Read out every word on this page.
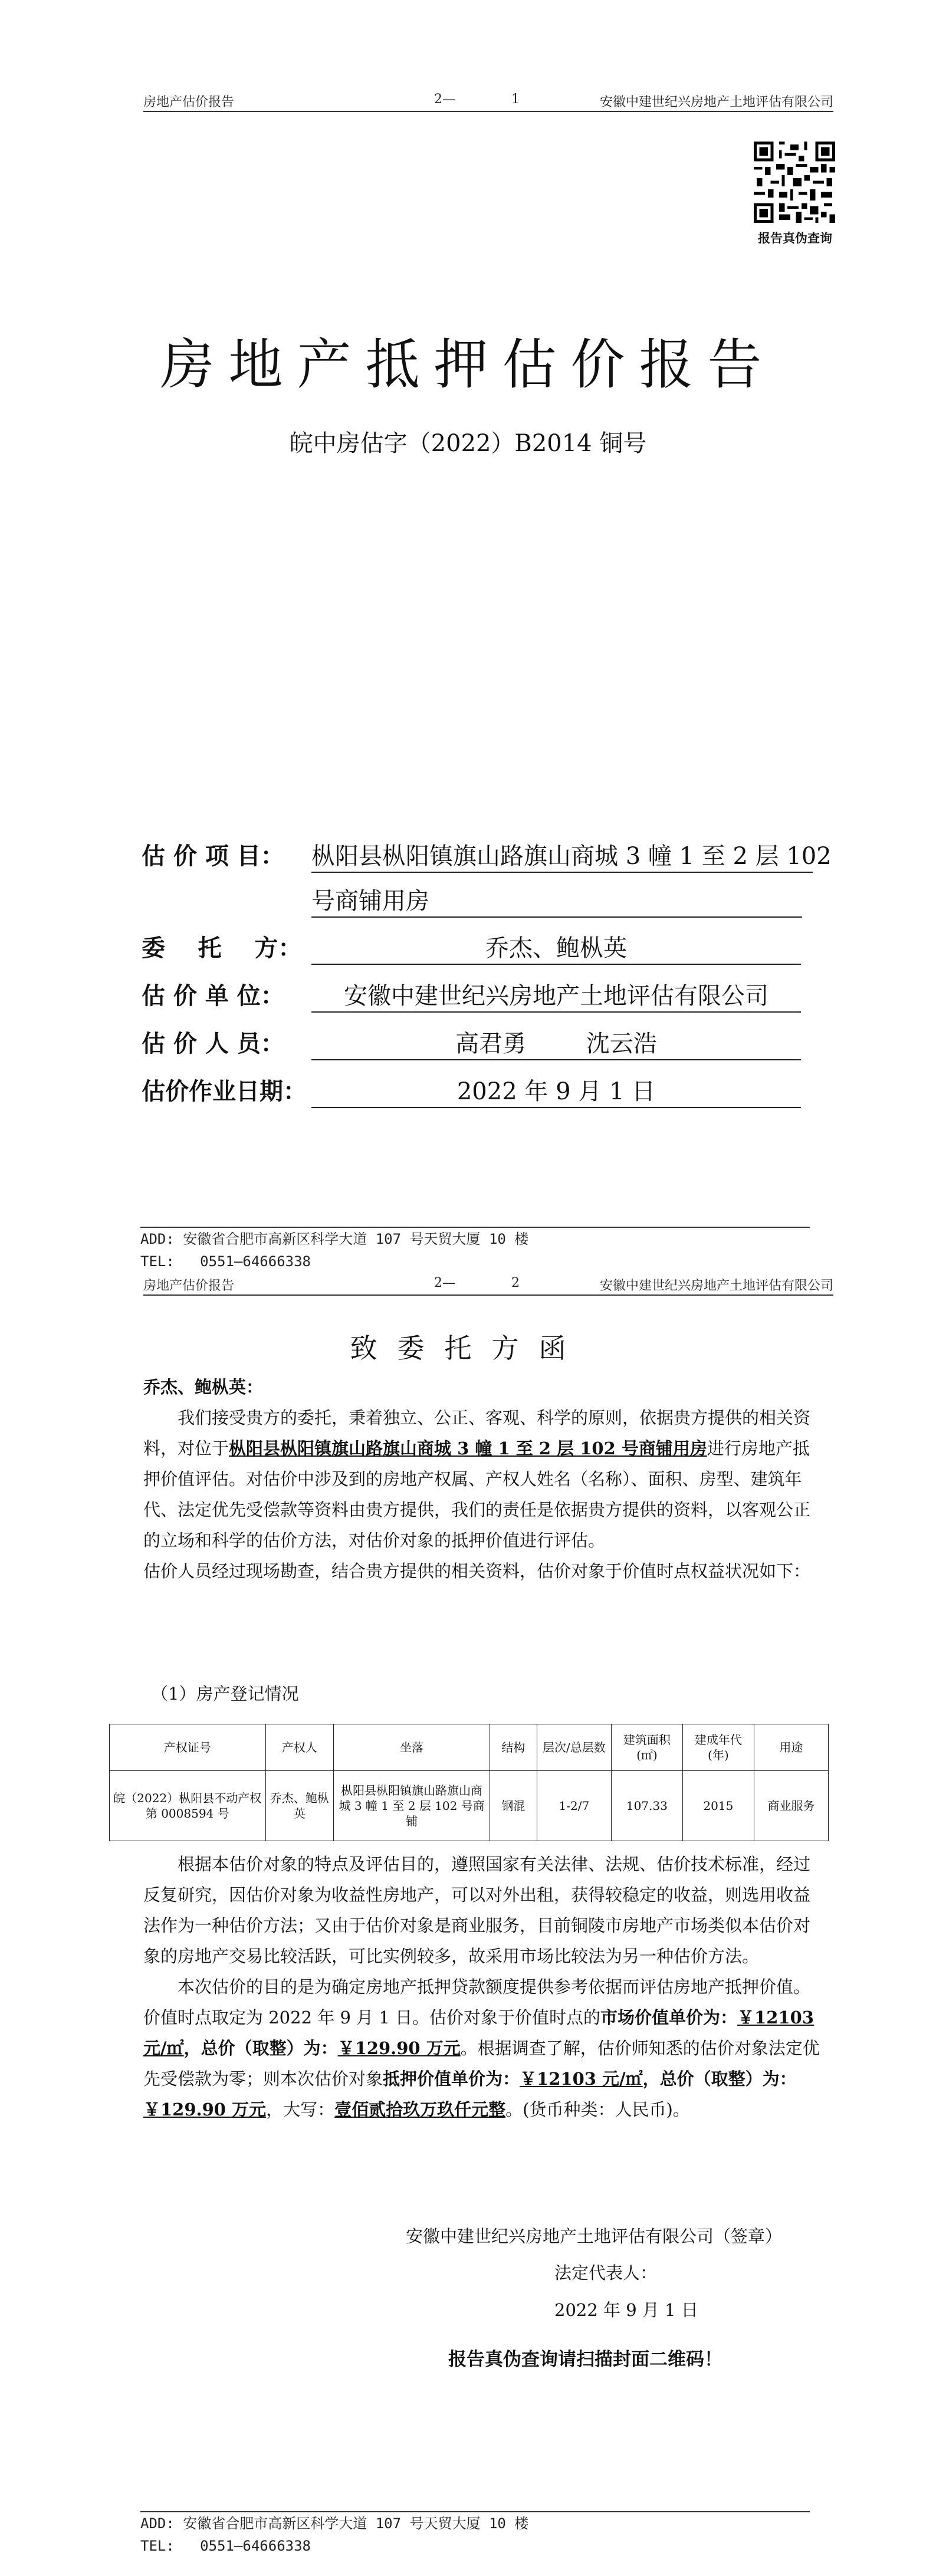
房地产估价报告	2—	1	安徽中建世纪兴房地产土地评估有限公司
报告真伪查询
房地产抵押估价报告
皖中房估字（2022）B2014 铜号
估 价 项 目： 枞阳县枞阳镇旗山路旗山商城 3 幢 1 至 2 层 102
号商铺用房
委    托    方：	乔杰、鲍枞英
估 价 单 位：	安徽中建世纪兴房地产土地评估有限公司
估 价 人 员：	高君勇        沈云浩
估价作业日期：	2022 年 9 月 1 日
ADD: 安徽省合肥市高新区科学大道 107 号天贸大厦 10 楼
TEL:   0551—64666338
房地产估价报告	2—	2	安徽中建世纪兴房地产土地评估有限公司
致委托方函
乔杰、鲍枞英：

我们接受贵方的委托，秉着独立、公正、客观、科学的原则，依据贵方提供的相关资料，对位于枞阳县枞阳镇旗山路旗山商城 3 幢 1 至 2 层 102 号商铺用房进行房地产抵押价值评估。对估价中涉及到的房地产权属、产权人姓名（名称）、面积、房型、建筑年代、法定优先受偿款等资料由贵方提供，我们的责任是依据贵方提供的资料，以客观公正的立场和科学的估价方法，对估价对象的抵押价值进行评估。

估价人员经过现场勘查，结合贵方提供的相关资料，估价对象于价值时点权益状况如下：

（1）房产登记情况
产权证号	产权人	坐落	结构	层次/总层数	建筑面积(㎡)	建成年代(年)	用途
皖（2022）枞阳县不动产权第 0008594 号	乔杰、鲍枞英	枞阳县枞阳镇旗山路旗山商城 3 幢 1 至 2 层 102 号商铺	钢混	1-2/7	107.33	2015	商业服务

根据本估价对象的特点及评估目的，遵照国家有关法律、法规、估价技术标准，经过反复研究，因估价对象为收益性房地产，可以对外出租，获得较稳定的收益，则选用收益法作为一种估价方法；又由于估价对象是商业服务，目前铜陵市房地产市场类似本估价对象的房地产交易比较活跃，可比实例较多，故采用市场比较法为另一种估价方法。

本次估价的目的是为确定房地产抵押贷款额度提供参考依据而评估房地产抵押价值。价值时点取定为 2022 年 9 月 1 日。估价对象于价值时点的市场价值单价为：￥12103 元/㎡，总价（取整）为：￥129.90 万元。根据调查了解，估价师知悉的估价对象法定优先受偿款为零；则本次估价对象抵押价值单价为：￥12103 元/㎡，总价（取整）为：￥129.90 万元，大写：壹佰贰拾玖万玖仟元整。(货币种类：人民币)。

安徽中建世纪兴房地产土地评估有限公司（签章）
法定代表人：
2022 年 9 月 1 日
报告真伪查询请扫描封面二维码！
ADD: 安徽省合肥市高新区科学大道 107 号天贸大厦 10 楼
TEL:   0551—64666338
